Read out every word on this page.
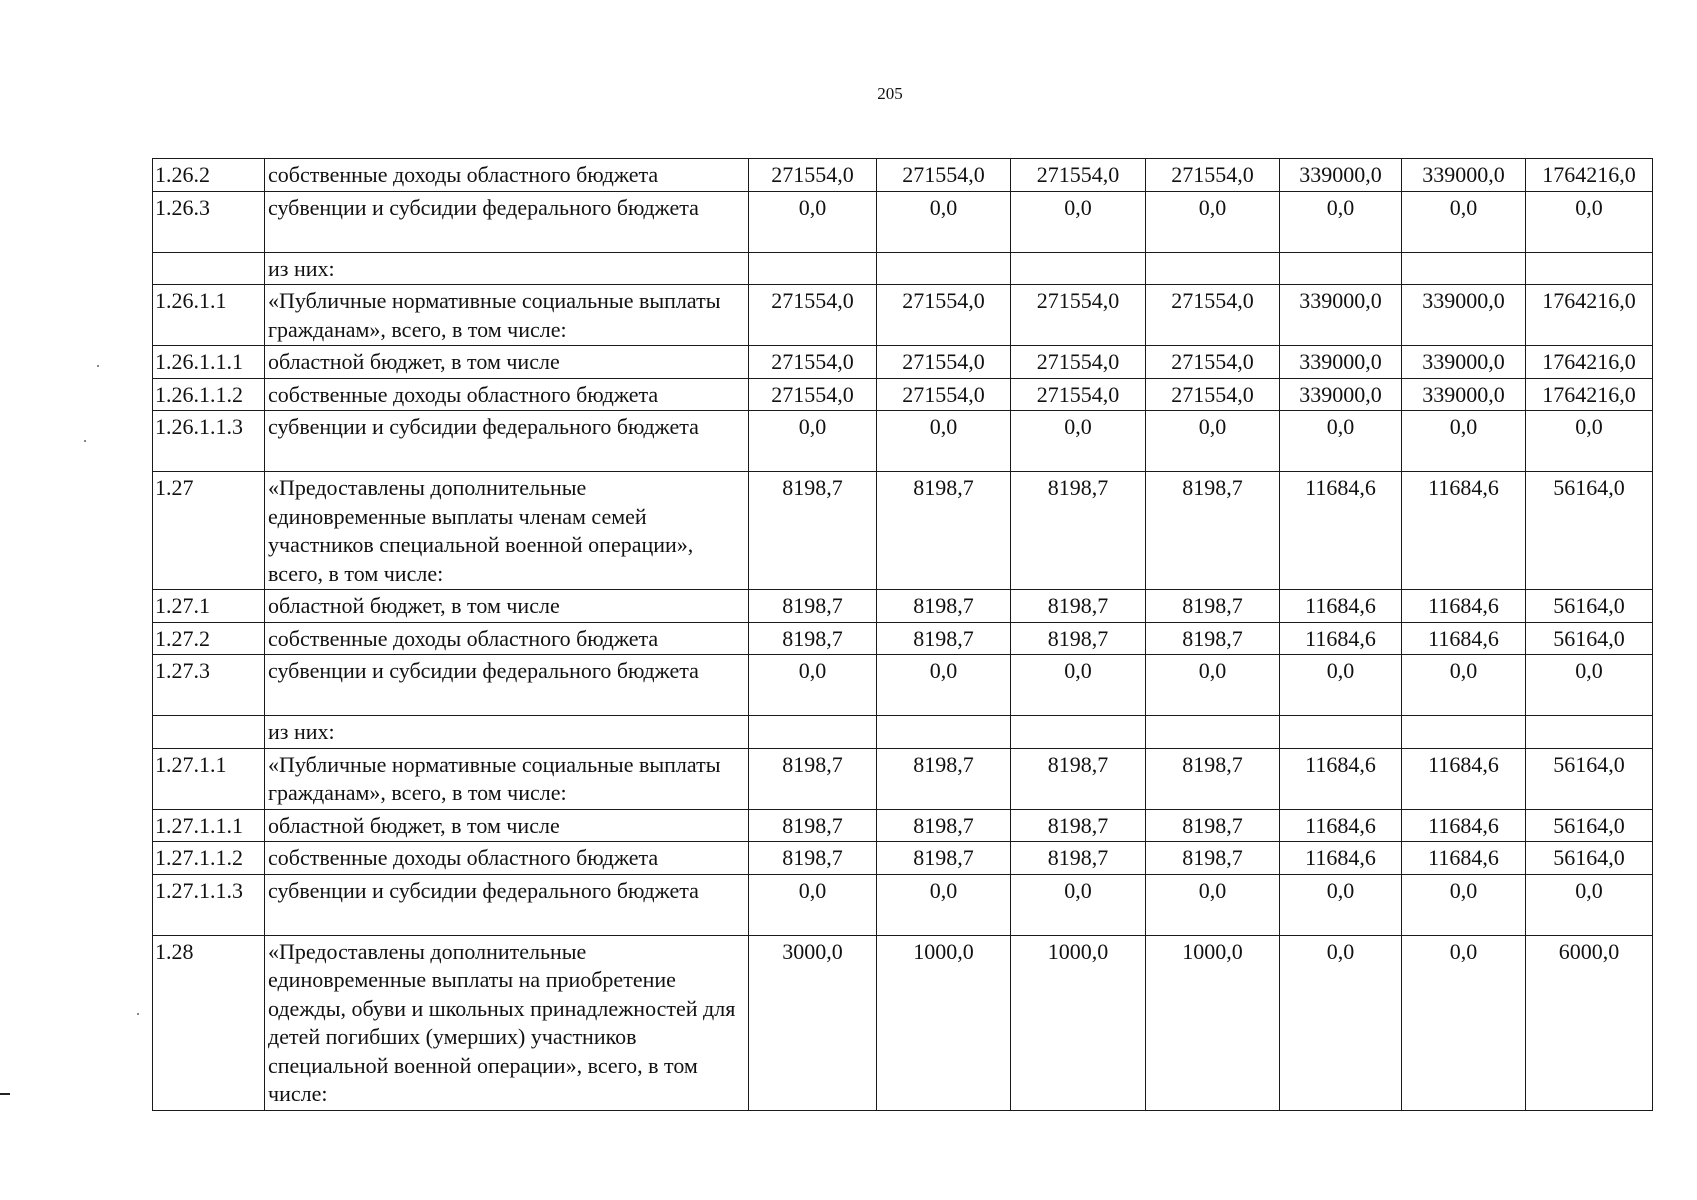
205
1.26.2	собственные доходы областного бюджета	271554,0	271554,0	271554,0	271554,0	339000,0	339000,0	1764216,0
1.26.3	субвенции и субсидии федерального бюджета	0,0	0,0	0,0	0,0	0,0	0,0	0,0
	из них:							
1.26.1.1	«Публичные нормативные социальные выплаты гражданам», всего, в том числе:	271554,0	271554,0	271554,0	271554,0	339000,0	339000,0	1764216,0
1.26.1.1.1	областной бюджет, в том числе	271554,0	271554,0	271554,0	271554,0	339000,0	339000,0	1764216,0
1.26.1.1.2	собственные доходы областного бюджета	271554,0	271554,0	271554,0	271554,0	339000,0	339000,0	1764216,0
1.26.1.1.3	субвенции и субсидии федерального бюджета	0,0	0,0	0,0	0,0	0,0	0,0	0,0
1.27	«Предоставлены дополнительные единовременные выплаты членам семей участников специальной военной операции», всего, в том числе:	8198,7	8198,7	8198,7	8198,7	11684,6	11684,6	56164,0
1.27.1	областной бюджет, в том числе	8198,7	8198,7	8198,7	8198,7	11684,6	11684,6	56164,0
1.27.2	собственные доходы областного бюджета	8198,7	8198,7	8198,7	8198,7	11684,6	11684,6	56164,0
1.27.3	субвенции и субсидии федерального бюджета	0,0	0,0	0,0	0,0	0,0	0,0	0,0
	из них:							
1.27.1.1	«Публичные нормативные социальные выплаты гражданам», всего, в том числе:	8198,7	8198,7	8198,7	8198,7	11684,6	11684,6	56164,0
1.27.1.1.1	областной бюджет, в том числе	8198,7	8198,7	8198,7	8198,7	11684,6	11684,6	56164,0
1.27.1.1.2	собственные доходы областного бюджета	8198,7	8198,7	8198,7	8198,7	11684,6	11684,6	56164,0
1.27.1.1.3	субвенции и субсидии федерального бюджета	0,0	0,0	0,0	0,0	0,0	0,0	0,0
1.28	«Предоставлены дополнительные единовременные выплаты на приобретение одежды, обуви и школьных принадлежностей для детей погибших (умерших) участников специальной военной операции», всего, в том числе:	3000,0	1000,0	1000,0	1000,0	0,0	0,0	6000,0
